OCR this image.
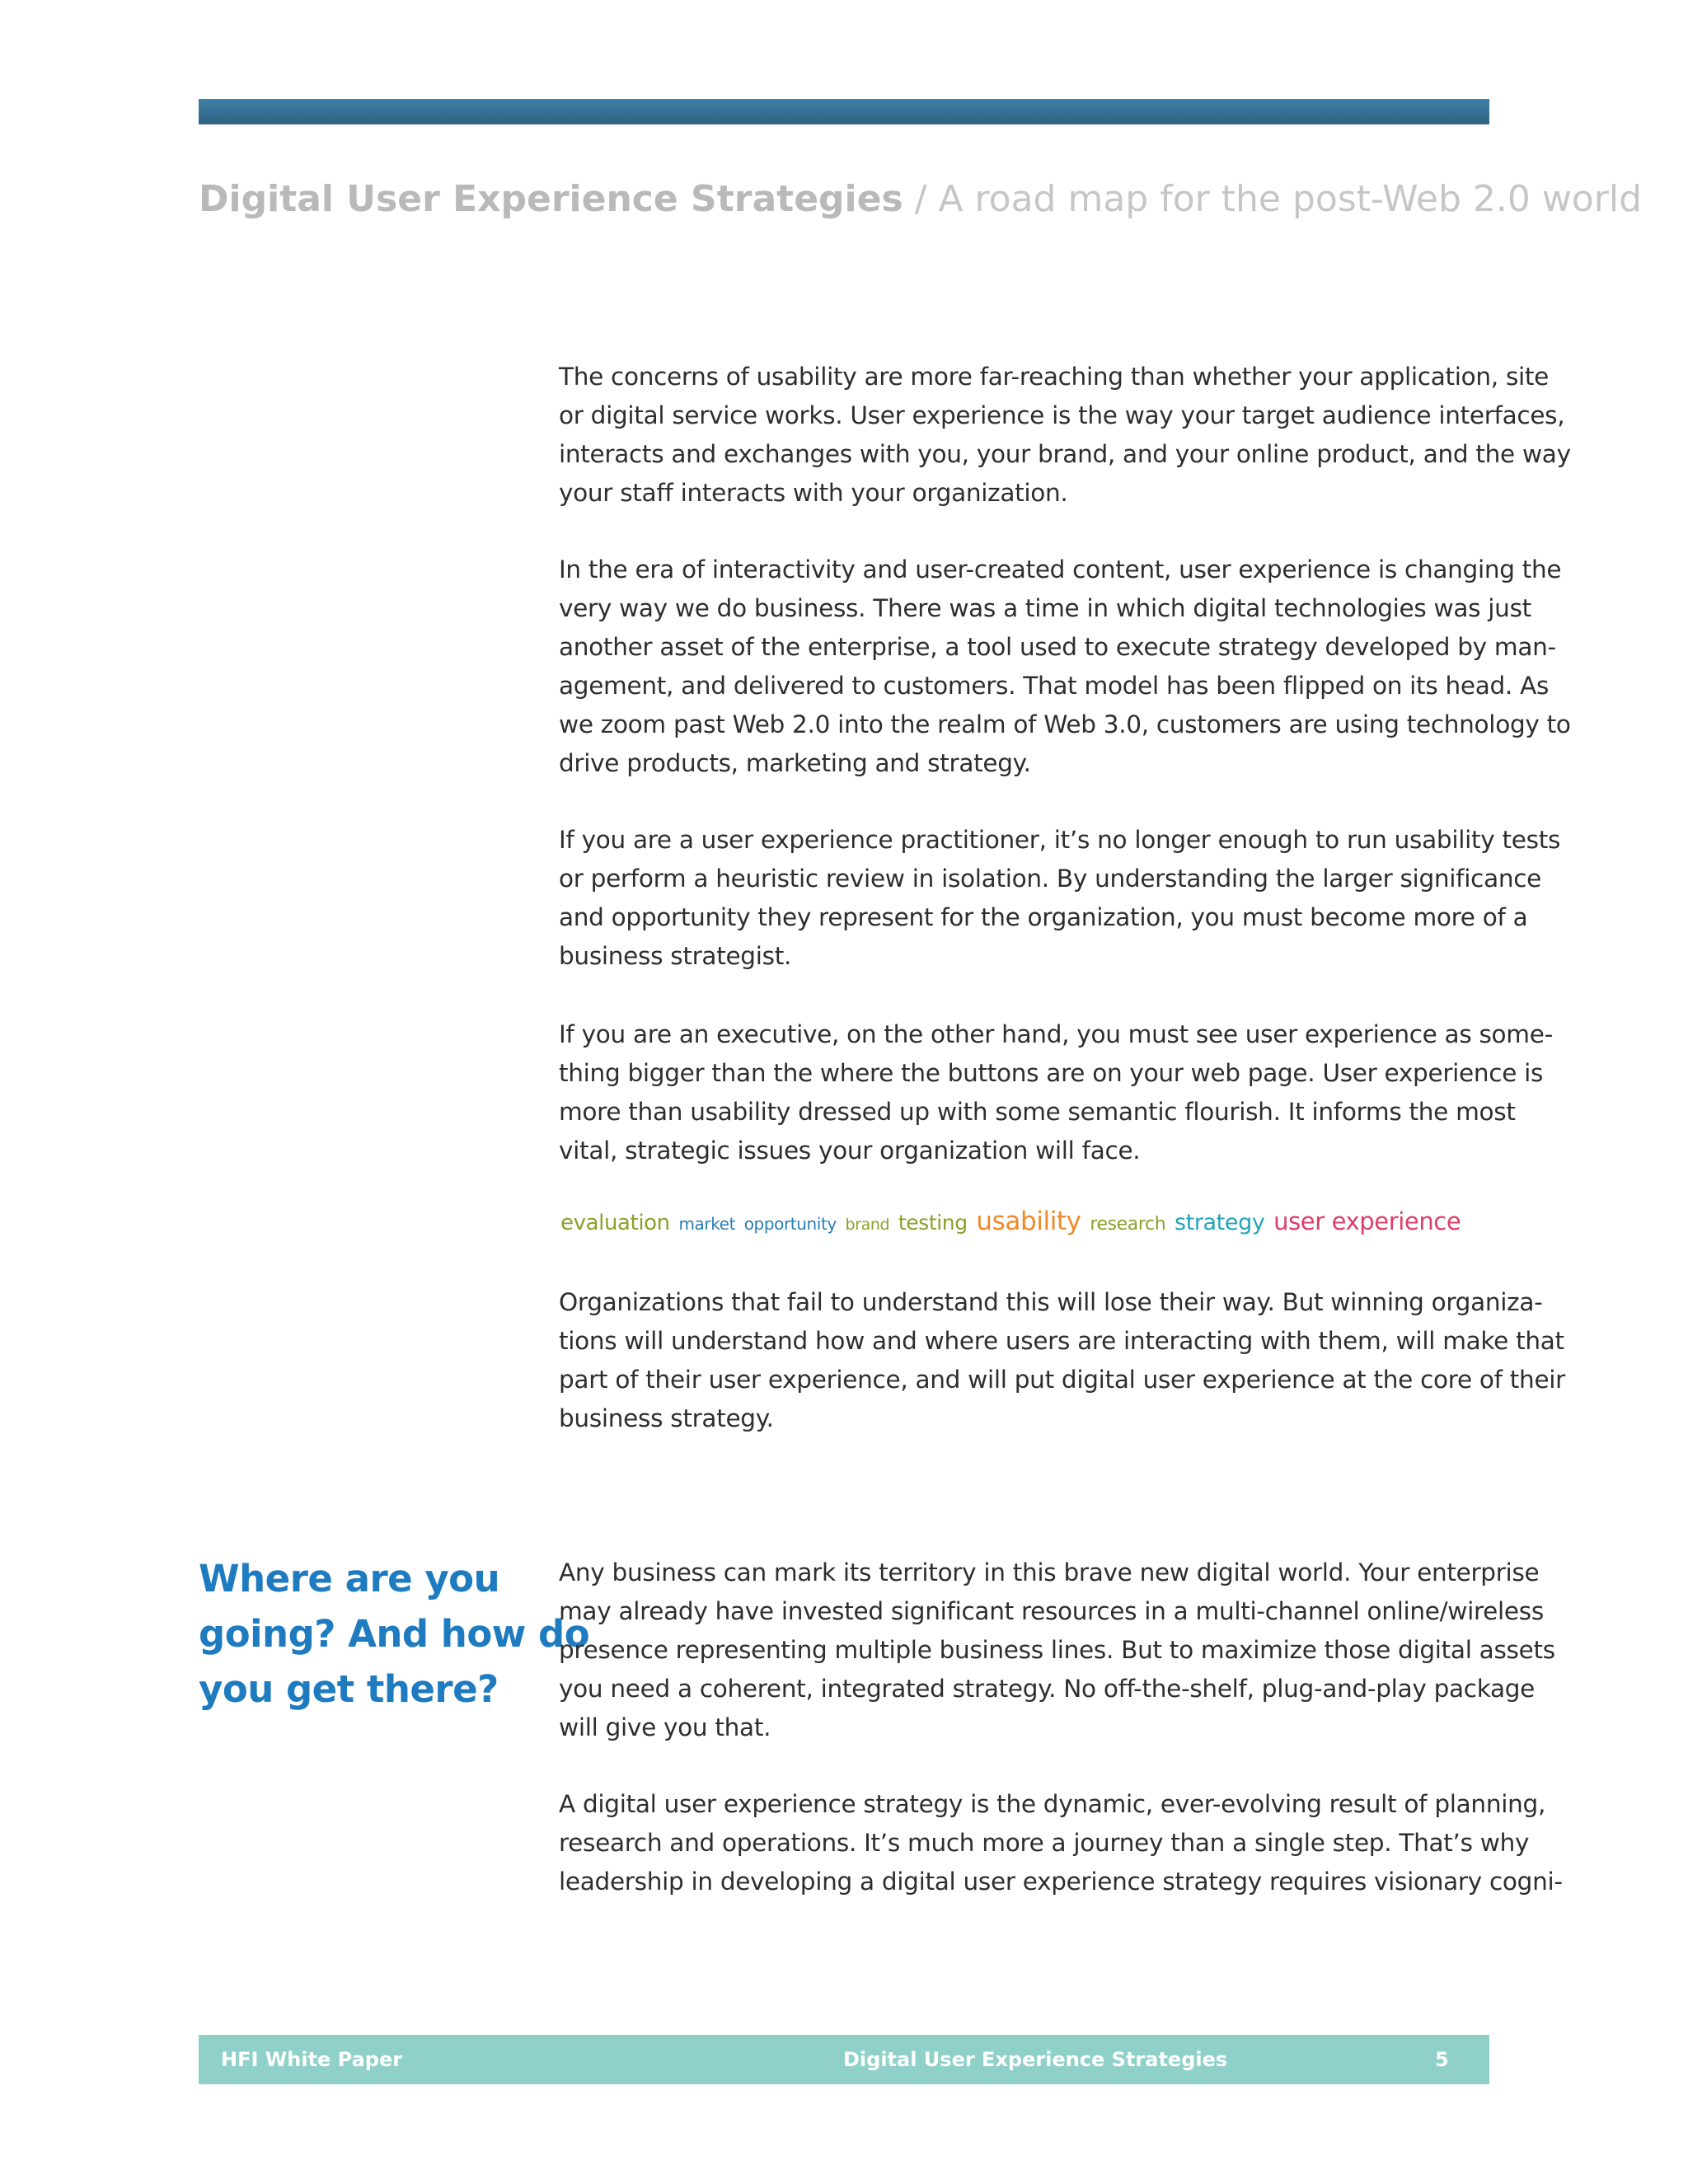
Digital User Experience Strategies / A road map for the post-Web 2.0 world
The concerns of usability are more far-reaching than whether your application, site
or digital service works. User experience is the way your target audience interfaces,
interacts and exchanges with you, your brand, and your online product, and the way
your staff interacts with your organization.
In the era of interactivity and user-created content, user experience is changing the
very way we do business. There was a time in which digital technologies was just
another asset of the enterprise, a tool used to execute strategy developed by man-
agement, and delivered to customers. That model has been flipped on its head. As
we zoom past Web 2.0 into the realm of Web 3.0, customers are using technology to
drive products, marketing and strategy.
If you are a user experience practitioner, it’s no longer enough to run usability tests
or perform a heuristic review in isolation. By understanding the larger significance
and opportunity they represent for the organization, you must become more of a
business strategist.
If you are an executive, on the other hand, you must see user experience as some-
thing bigger than the where the buttons are on your web page. User experience is
more than usability dressed up with some semantic flourish. It informs the most
vital, strategic issues your organization will face.
evaluation market opportunity brand testing usability research strategy user experience
Organizations that fail to understand this will lose their way. But winning organiza-
tions will understand how and where users are interacting with them, will make that
part of their user experience, and will put digital user experience at the core of their
business strategy.
Where are you
going? And how do
you get there?
Any business can mark its territory in this brave new digital world. Your enterprise
may already have invested significant resources in a multi-channel online/wireless
presence representing multiple business lines. But to maximize those digital assets
you need a coherent, integrated strategy. No off-the-shelf, plug-and-play package
will give you that.
A digital user experience strategy is the dynamic, ever-evolving result of planning,
research and operations. It’s much more a journey than a single step. That’s why
leadership in developing a digital user experience strategy requires visionary cogni-
HFI White Paper	Digital User Experience Strategies	5
